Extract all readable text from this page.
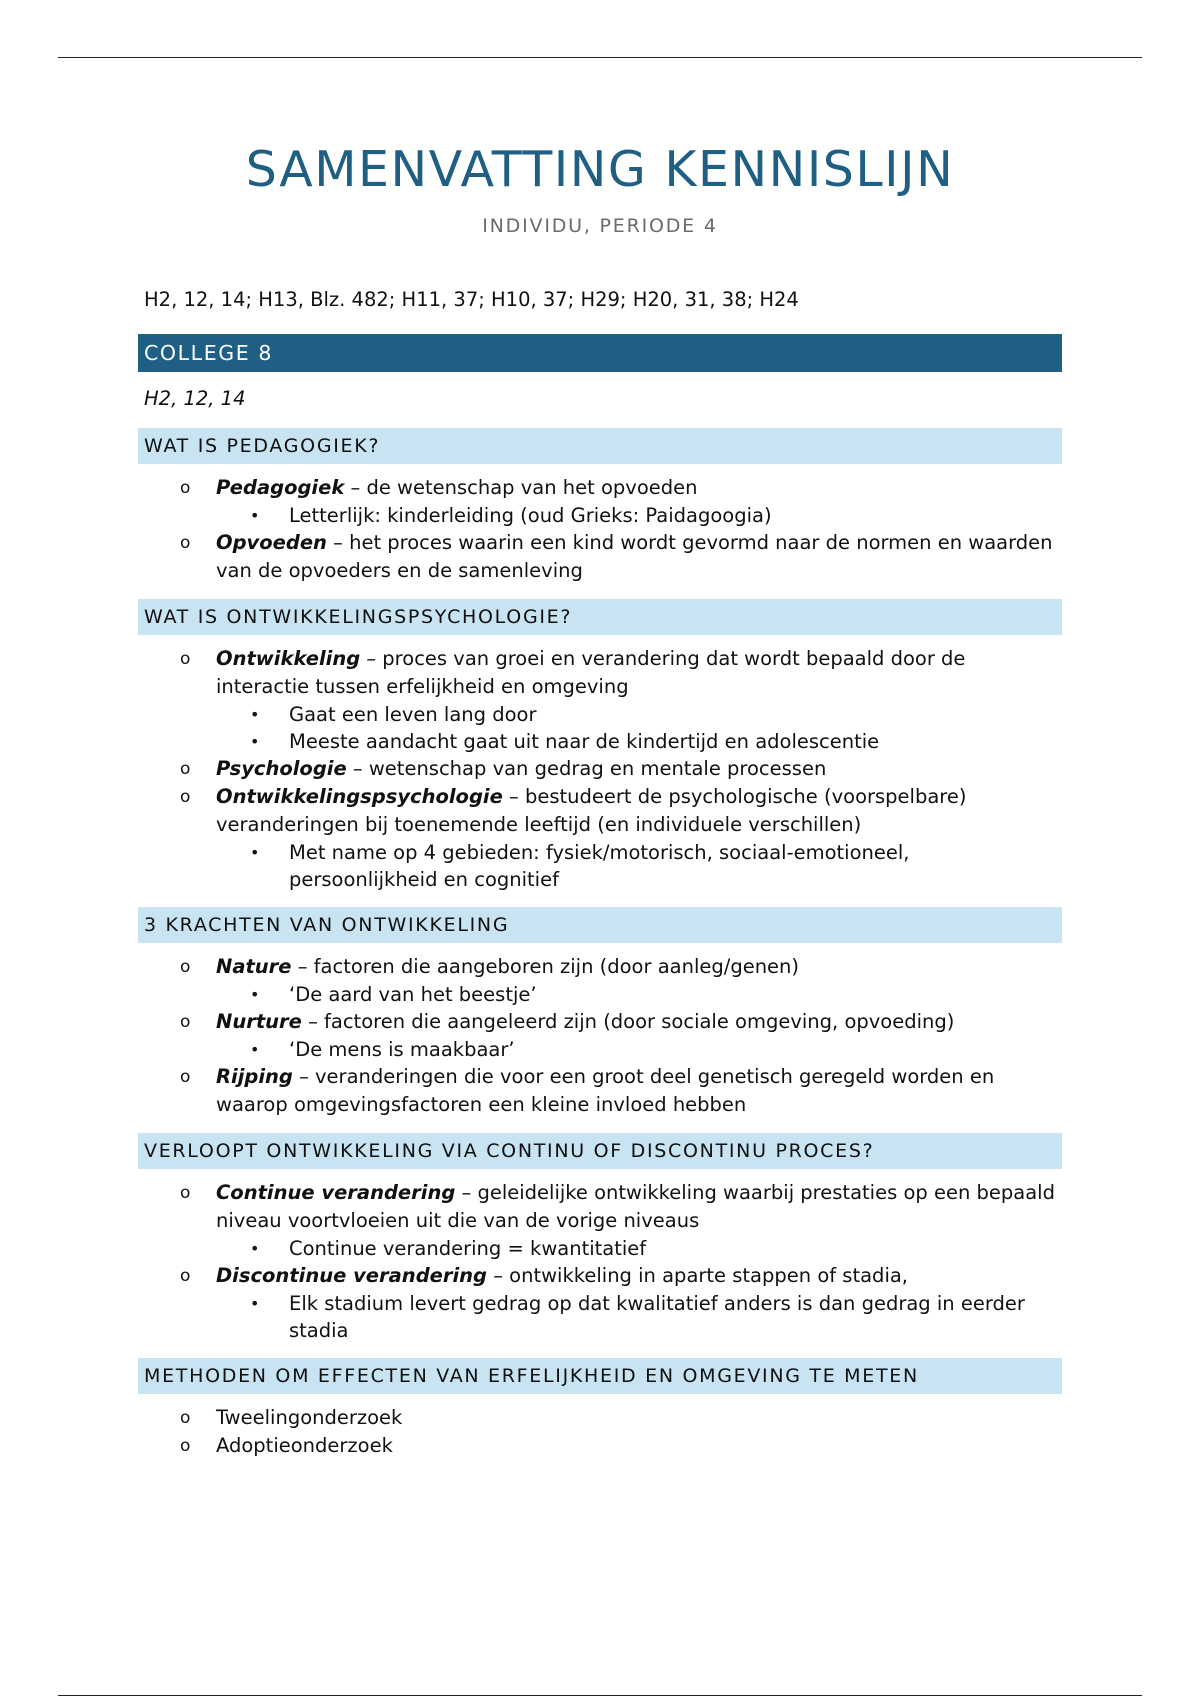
SAMENVATTING KENNISLIJN
INDIVIDU, PERIODE 4
H2, 12, 14; H13, Blz. 482; H11, 37; H10, 37; H29; H20, 31, 38; H24
COLLEGE 8
H2, 12, 14
WAT IS PEDAGOGIEK?
o Pedagogiek – de wetenschap van het opvoeden
• Letterlijk: kinderleiding (oud Grieks: Paidagoogia)
o Opvoeden – het proces waarin een kind wordt gevormd naar de normen en waarden van de opvoeders en de samenleving
WAT IS ONTWIKKELINGSPSYCHOLOGIE?
o Ontwikkeling – proces van groei en verandering dat wordt bepaald door de interactie tussen erfelijkheid en omgeving
• Gaat een leven lang door
• Meeste aandacht gaat uit naar de kindertijd en adolescentie
o Psychologie – wetenschap van gedrag en mentale processen
o Ontwikkelingspsychologie – bestudeert de psychologische (voorspelbare) veranderingen bij toenemende leeftijd (en individuele verschillen)
• Met name op 4 gebieden: fysiek/motorisch, sociaal-emotioneel, persoonlijkheid en cognitief
3 KRACHTEN VAN ONTWIKKELING
o Nature – factoren die aangeboren zijn (door aanleg/genen)
• ‘De aard van het beestje’
o Nurture – factoren die aangeleerd zijn (door sociale omgeving, opvoeding)
• ‘De mens is maakbaar’
o Rijping – veranderingen die voor een groot deel genetisch geregeld worden en waarop omgevingsfactoren een kleine invloed hebben
VERLOOPT ONTWIKKELING VIA CONTINU OF DISCONTINU PROCES?
o Continue verandering – geleidelijke ontwikkeling waarbij prestaties op een bepaald niveau voortvloeien uit die van de vorige niveaus
• Continue verandering = kwantitatief
o Discontinue verandering – ontwikkeling in aparte stappen of stadia,
• Elk stadium levert gedrag op dat kwalitatief anders is dan gedrag in eerder stadia
METHODEN OM EFFECTEN VAN ERFELIJKHEID EN OMGEVING TE METEN
o Tweelingonderzoek
o Adoptieonderzoek
